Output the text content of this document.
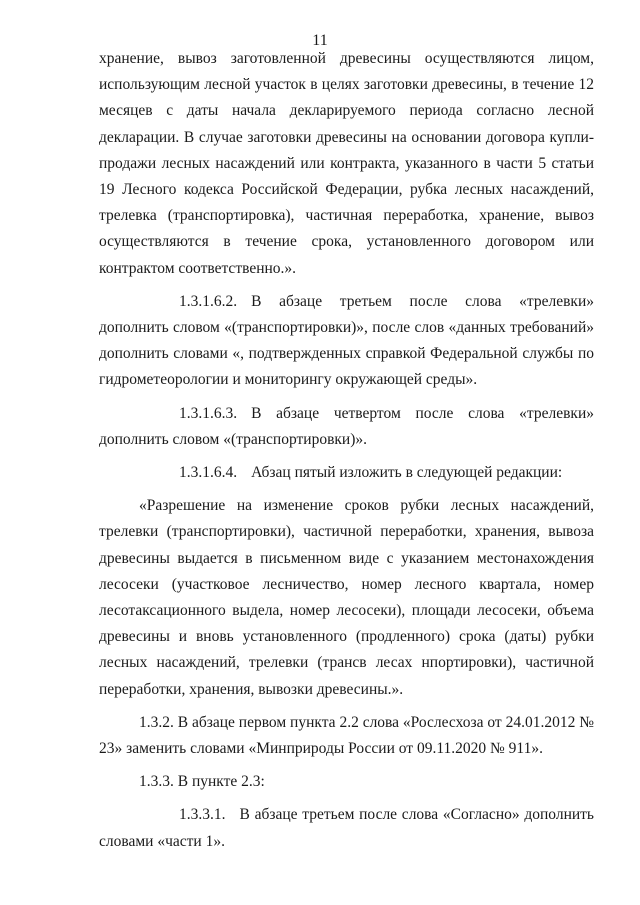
11

хранение, вывоз заготовленной древесины осуществляются лицом, использующим лесной участок в целях заготовки древесины, в течение 12 месяцев с даты начала декларируемого периода согласно лесной декларации. В случае заготовки древесины на основании договора купли-продажи лесных насаждений или контракта, указанного в части 5 статьи 19 Лесного кодекса Российской Федерации, рубка лесных насаждений, трелевка (транспортировка), частичная переработка, хранение, вывоз осуществляются в течение срока, установленного договором или контрактом соответственно.».

1.3.1.6.2. В абзаце третьем после слова «трелевки» дополнить словом «(транспортировки)», после слов «данных требований» дополнить словами «, подтвержденных справкой Федеральной службы по гидрометеорологии и мониторингу окружающей среды».

1.3.1.6.3. В абзаце четвертом после слова «трелевки» дополнить словом «(транспортировки)».

1.3.1.6.4. Абзац пятый изложить в следующей редакции:

«Разрешение на изменение сроков рубки лесных насаждений, трелевки (транспортировки), частичной переработки, хранения, вывоза древесины выдается в письменном виде с указанием местонахождения лесосеки (участковое лесничество, номер лесного квартала, номер лесотаксационного выдела, номер лесосеки), площади лесосеки, объема древесины и вновь установленного (продленного) срока (даты) рубки лесных насаждений, трелевки (трансв лесах нпортировки), частичной переработки, хранения, вывозки древесины.».

1.3.2. В абзаце первом пункта 2.2 слова «Рослесхоза от 24.01.2012 № 23» заменить словами «Минприроды России от 09.11.2020 № 911».

1.3.3. В пункте 2.3:

1.3.3.1. В абзаце третьем после слова «Согласно» дополнить словами «части 1».
